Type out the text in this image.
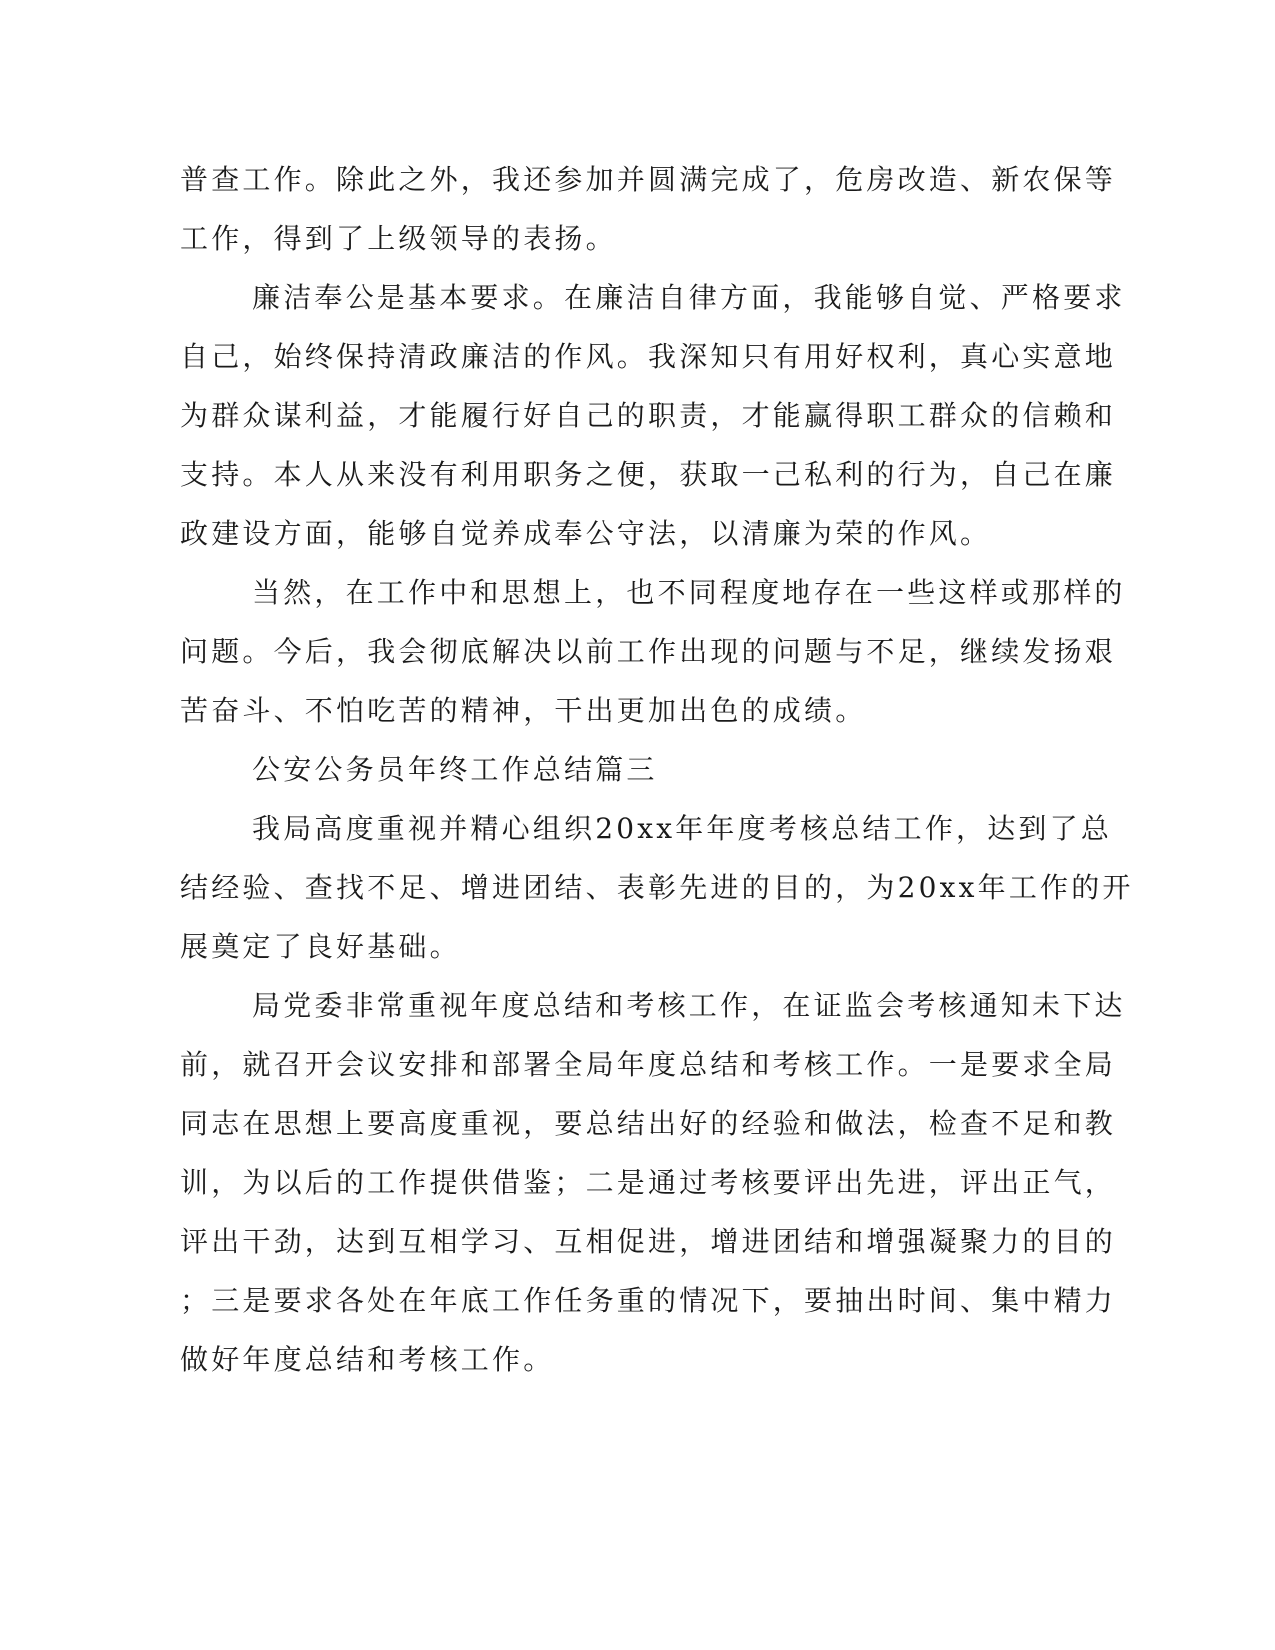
普查工作。除此之外，我还参加并圆满完成了，危房改造、新农保等
工作，得到了上级领导的表扬。
廉洁奉公是基本要求。在廉洁自律方面，我能够自觉、严格要求
自己，始终保持清政廉洁的作风。我深知只有用好权利，真心实意地
为群众谋利益，才能履行好自己的职责，才能赢得职工群众的信赖和
支持。本人从来没有利用职务之便，获取一己私利的行为，自己在廉
政建设方面，能够自觉养成奉公守法，以清廉为荣的作风。
当然，在工作中和思想上，也不同程度地存在一些这样或那样的
问题。今后，我会彻底解决以前工作出现的问题与不足，继续发扬艰
苦奋斗、不怕吃苦的精神，干出更加出色的成绩。
公安公务员年终工作总结篇三
我局高度重视并精心组织20xx年年度考核总结工作，达到了总
结经验、查找不足、增进团结、表彰先进的目的，为20xx年工作的开
展奠定了良好基础。
局党委非常重视年度总结和考核工作，在证监会考核通知未下达
前，就召开会议安排和部署全局年度总结和考核工作。一是要求全局
同志在思想上要高度重视，要总结出好的经验和做法，检查不足和教
训，为以后的工作提供借鉴；二是通过考核要评出先进，评出正气，
评出干劲，达到互相学习、互相促进，增进团结和增强凝聚力的目的
；三是要求各处在年底工作任务重的情况下，要抽出时间、集中精力
做好年度总结和考核工作。
